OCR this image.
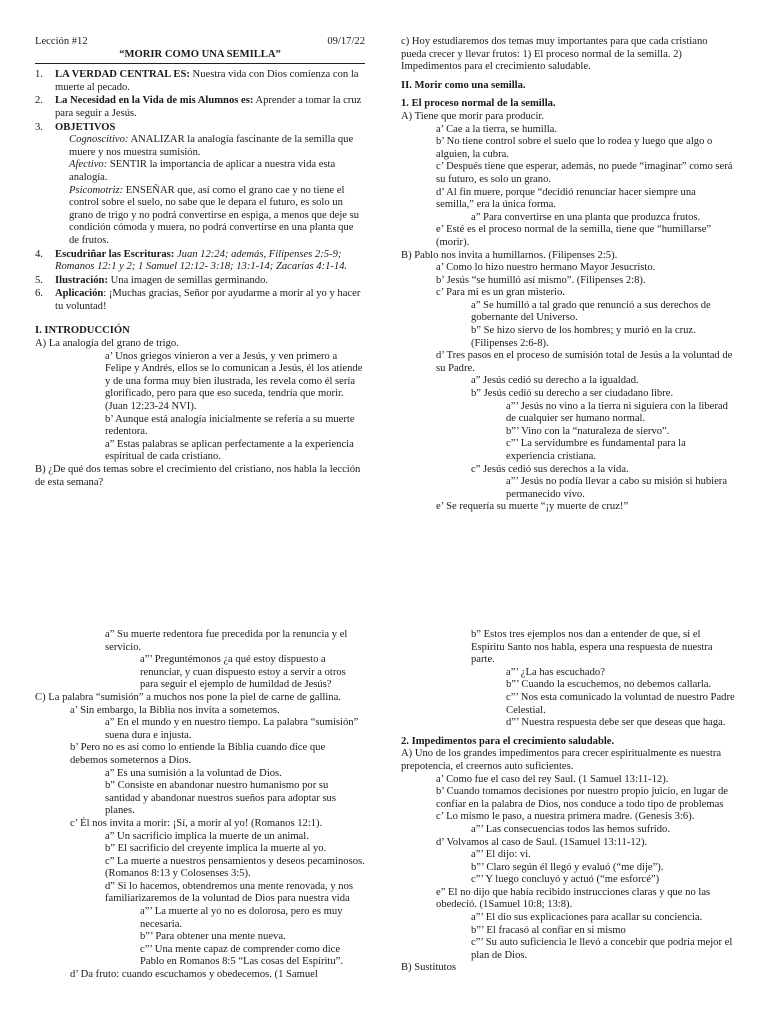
Lección #12	09/17/22
“MORIR COMO UNA SEMILLA”
1.	LA VERDAD CENTRAL ES: Nuestra vida con Dios comienza con la muerte al pecado.
2.	La Necesidad en la Vida de mis Alumnos es: Aprender a tomar la cruz para seguir a Jesús.
3.	OBJETIVOS
Cognoscitivo: ANALIZAR la analogía fascinante de la semilla que muere y nos muestra sumisión.
Afectivo: SENTIR la importancia de aplicar a nuestra vida esta analogía.
Psicomotriz: ENSEÑAR que, así como el grano cae y no tiene el control sobre el suelo, no sabe que le depara el futuro, es solo un grano de trigo y no podrá convertirse en espiga, a menos que deje su condición cómoda y muera, no podrá convertirse en una planta que de frutos.
4.	Escudriñar las Escrituras: Juan 12:24; además, Filipenses 2:5-9; Romanos 12:1 y 2; 1 Samuel 12:12- 3:18; 13:1-14; Zacarías 4:1-14.
5.	Ilustración: Una imagen de semillas germinando.
6.	Aplicación: ¡Muchas gracias, Señor por ayudarme a morir al yo y hacer tu voluntad!
I. INTRODUCCIÓN

A) La analogía del grano de trigo.

a’ Unos griegos vinieron a ver a Jesús, y ven primero a Felipe y Andrés, ellos se lo comunican a Jesús, él los atiende y de una forma muy bien ilustrada, les revela como él sería glorificado, pero para que eso suceda, tendría que morir. (Juan 12:23-24 NVI).

b’ Aunque está analogía inicialmente se refería a su muerte redentora.

a” Estas palabras se aplican perfectamente a la experiencia espiritual de cada cristiano.

B) ¿De qué dos temas sobre el crecimiento del cristiano, nos habla la lección de esta semana?

c) Hoy estudiaremos dos temas muy importantes para que cada cristiano pueda crecer y llevar frutos: 1) El proceso normal de la semilla. 2) Impedimentos para el crecimiento saludable.

II. Morir como una semilla.

1. El proceso normal de la semilla.

A) Tiene que morir para producir.

a’ Cae a la tierra, se humilla.

b’ No tiene control sobre el suelo que lo rodea y luego que algo o alguien, la cubra.

c’ Después tiene que esperar, además, no puede “imaginar” como será su futuro, es solo un grano.

d’ Al fin muere, porque “decidió renunciar hacer siempre una semilla,” era la única forma.

a” Para convertirse en una planta que produzca frutos.

e’ Esté es el proceso normal de la semilla, tiene que “humillarse” (morir).

B) Pablo nos invita a humillarnos. (Filipenses 2:5).

a’ Como lo hizo nuestro hermano Mayor Jesucristo.

b’ Jesús “se humilló así mismo”. (Filipenses 2:8).

c’ Para mí es un gran misterio.

a” Se humilló a tal grado que renunció a sus derechos de gobernante del Universo.

b” Se hizo siervo de los hombres; y murió en la cruz. (Filipenses 2:6-8).

d’ Tres pasos en el proceso de sumisión total de Jesús a la voluntad de su Padre.

a” Jesús cedió su derecho a la igualdad.

b” Jesús cedió su derecho a ser ciudadano libre.

a”’ Jesús no vino a la tierra ni siguiera con la liberad de cualquier ser humano normal.

b”’ Vino con la “naturaleza de siervo”.

c”’ La servidumbre es fundamental para la experiencia cristiana.

c” Jesús cedió sus derechos a la vida.

a”’ Jesús no podía llevar a cabo su misión si hubiera permanecido vivo.

e’ Se requería su muerte “¡y muerte de cruz!”

a” Su muerte redentora fue precedida por la renuncia y el servicio.

a”’ Preguntémonos ¿a qué estoy dispuesto a renunciar, y cuan dispuesto estoy a servir a otros para seguir el ejemplo de humildad de Jesús?

C) La palabra “sumisión” a muchos nos pone la piel de carne de gallina.

a’ Sin embargo, la Biblia nos invita a sometemos.

a” En el mundo y en nuestro tiempo. La palabra “sumisión” suena dura e injusta.

b’ Pero no es así como lo entiende la Biblia cuando dice que debemos someternos a Dios.

a” Es una sumisión a la voluntad de Dios.

b” Consiste en abandonar nuestro humanismo por su santidad y abandonar nuestros sueños para adoptar sus planes.

c’ Él nos invita a morir: ¡Sí, a morir al yo! (Romanos 12:1).

a” Un sacrificio implica la muerte de un animal.

b” El sacrificio del creyente implica la muerte al yo.

c” La muerte a nuestros pensamientos y deseos pecaminosos. (Romanos 8:13 y Colosenses 3:5).

d” Si lo hacemos, obtendremos una mente renovada, y nos familiarizaremos de la voluntad de Dios para nuestra vida

a”’ La muerte al yo no es dolorosa, pero es muy necesaria.

b”’ Para obtener una mente nueva.

c”’ Una mente capaz de comprender como dice Pablo en Romanos 8:5 “Las cosas del Espíritu”.

d’ Da fruto: cuando escuchamos y obedecemos. (1 Samuel

b” Estos tres ejemplos nos dan a entender de que, si el Espíritu Santo nos habla, espera una respuesta de nuestra parte.

a”’ ¿La has escuchado?

b”’ Cuando la escuchemos, no debemos callarla.

c”’ Nos esta comunicado la voluntad de nuestro Padre Celestial.

d”’ Nuestra respuesta debe ser que deseas que haga.

2. Impedimentos para el crecimiento saludable.

A) Uno de los grandes impedimentos para crecer espiritualmente es nuestra prepotencia, el creernos auto suficientes.

a’ Como fue el caso del rey Saul. (1 Samuel 13:11-12).

b’ Cuando tomamos decisiones por nuestro propio juicio, en lugar de confiar en la palabra de Dios, nos conduce a todo tipo de problemas

c’ Lo mismo le paso, a nuestra primera madre. (Genesis 3:6).

a”’ Las consecuencias todos las hemos sufrido.

d’ Volvamos al caso de Saul. (1Samuel 13:11-12).

a”’ El dijo: vi.

b”’ Claro según él llegó y evaluó (“me dije”).

c”’ Y luego concluyó y actuó (“me esforcé”)

e” El no dijo que había recibido instrucciones claras y que no las obedeció. (1Samuel 10:8; 13:8).

a”’ El dio sus explicaciones para acallar su conciencia.

b”’ El fracasó al confiar en si mismo

c”’ Su auto suficiencia le llevó a concebir que podría mejor el plan de Dios.

B) Sustitutos
